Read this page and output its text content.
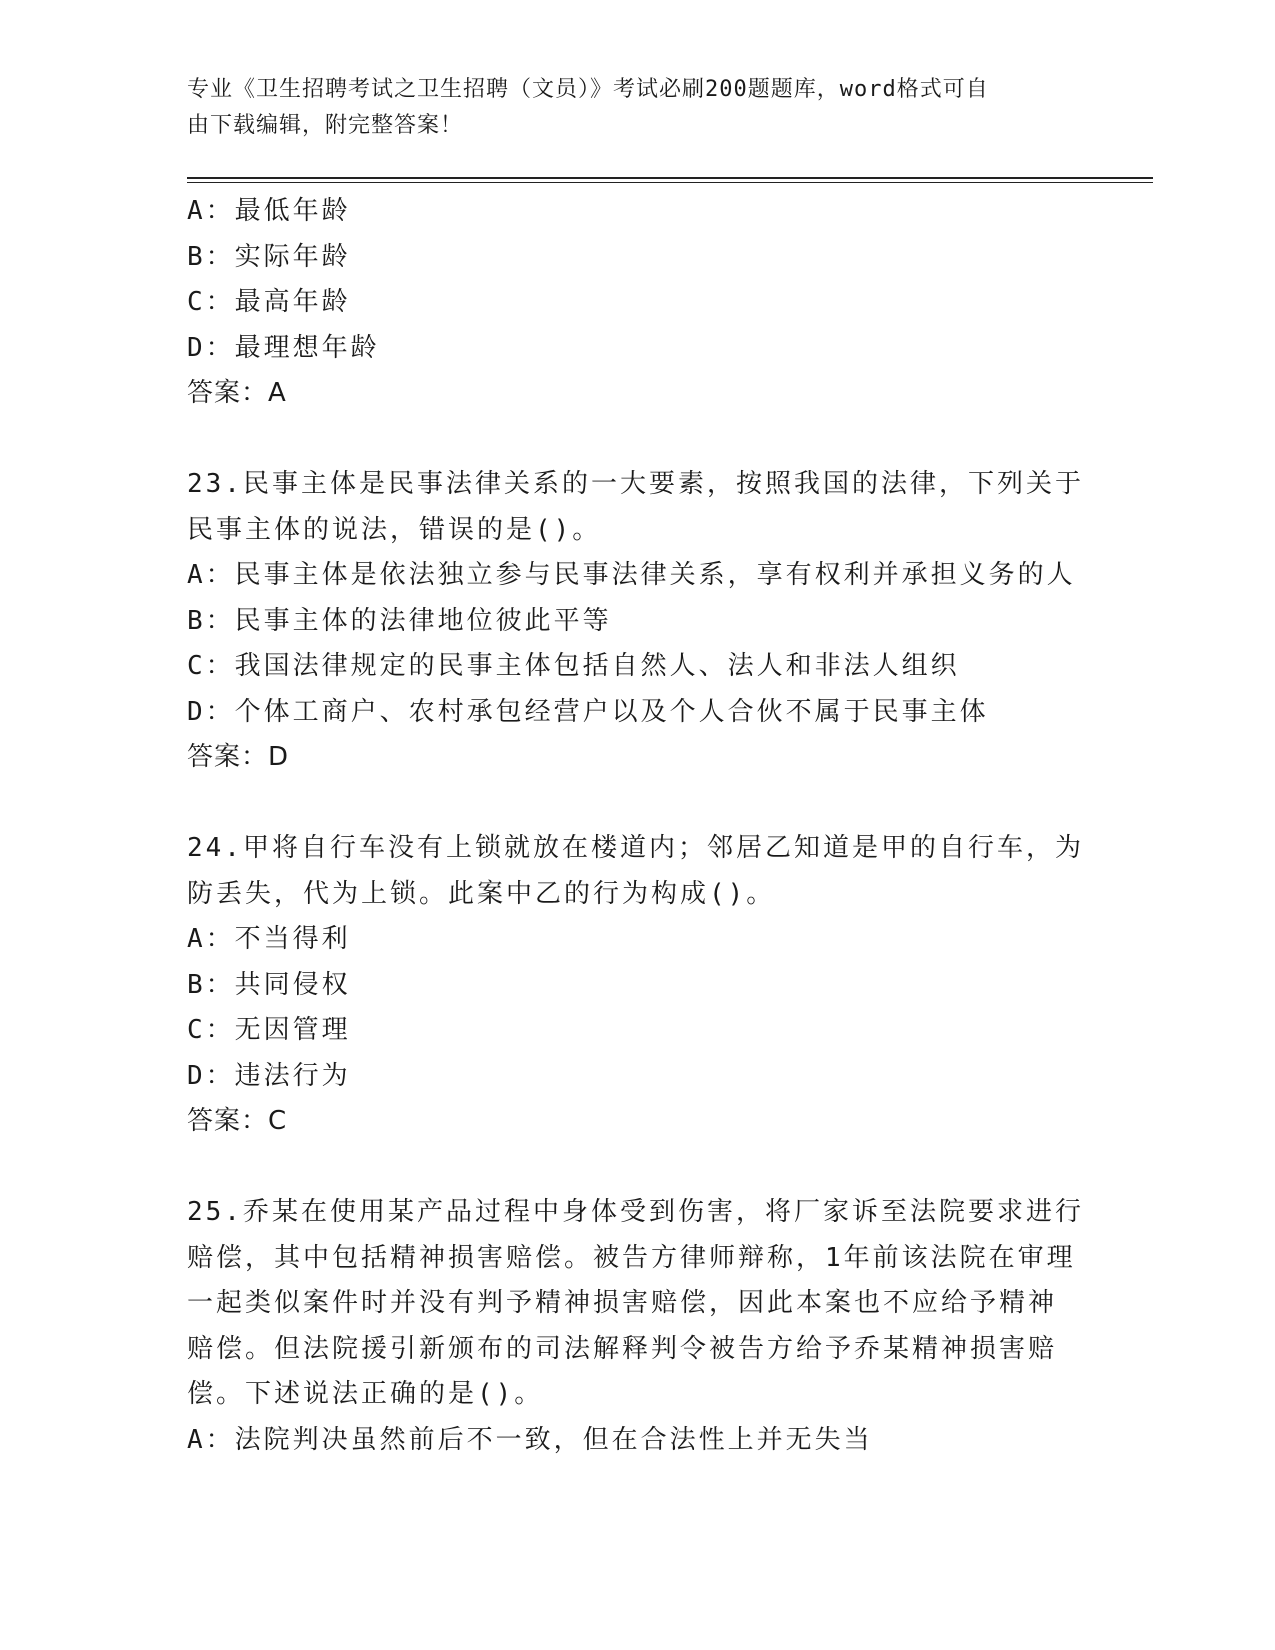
专业《卫生招聘考试之卫生招聘（文员）》考试必刷200题题库，word格式可自
由下载编辑，附完整答案！
A：最低年龄
B：实际年龄
C：最高年龄
D：最理想年龄
答案：A
23.民事主体是民事法律关系的一大要素，按照我国的法律，下列关于
民事主体的说法，错误的是()。
A：民事主体是依法独立参与民事法律关系，享有权利并承担义务的人
B：民事主体的法律地位彼此平等
C：我国法律规定的民事主体包括自然人、法人和非法人组织
D：个体工商户、农村承包经营户以及个人合伙不属于民事主体
答案：D
24.甲将自行车没有上锁就放在楼道内；邻居乙知道是甲的自行车，为
防丢失，代为上锁。此案中乙的行为构成()。
A：不当得利
B：共同侵权
C：无因管理
D：违法行为
答案：C
25.乔某在使用某产品过程中身体受到伤害，将厂家诉至法院要求进行
赔偿，其中包括精神损害赔偿。被告方律师辩称，1年前该法院在审理
一起类似案件时并没有判予精神损害赔偿，因此本案也不应给予精神
赔偿。但法院援引新颁布的司法解释判令被告方给予乔某精神损害赔
偿。下述说法正确的是()。
A：法院判决虽然前后不一致，但在合法性上并无失当
